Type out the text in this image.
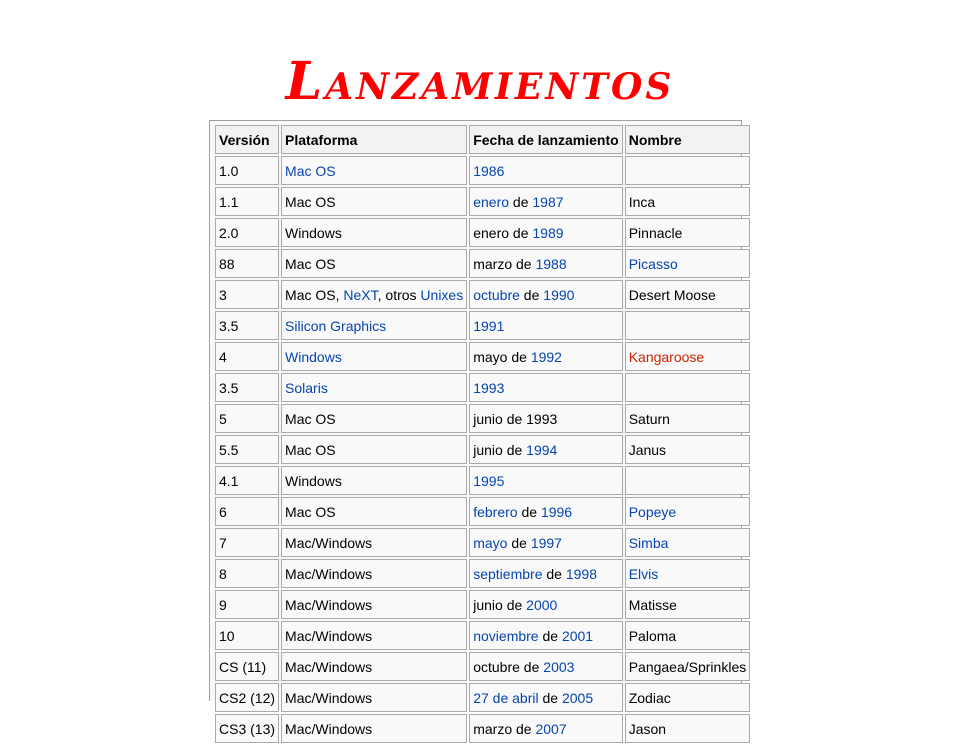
Lanzamientos
Versión	Plataforma	Fecha de lanzamiento	Nombre
1.0	Mac OS	1986	
1.1	Mac OS	enero de 1987	Inca
2.0	Windows	enero de 1989	Pinnacle
88	Mac OS	marzo de 1988	Picasso
3	Mac OS, NeXT, otros Unixes	octubre de 1990	Desert Moose
3.5	Silicon Graphics	1991	
4	Windows	mayo de 1992	Kangaroose
3.5	Solaris	1993	
5	Mac OS	junio de 1993	Saturn
5.5	Mac OS	junio de 1994	Janus
4.1	Windows	1995	
6	Mac OS	febrero de 1996	Popeye
7	Mac/Windows	mayo de 1997	Simba
8	Mac/Windows	septiembre de 1998	Elvis
9	Mac/Windows	junio de 2000	Matisse
10	Mac/Windows	noviembre de 2001	Paloma
CS (11)	Mac/Windows	octubre de 2003	Pangaea/Sprinkles
CS2 (12)	Mac/Windows	27 de abril de 2005	Zodiac
CS3 (13)	Mac/Windows	marzo de 2007	Jason
